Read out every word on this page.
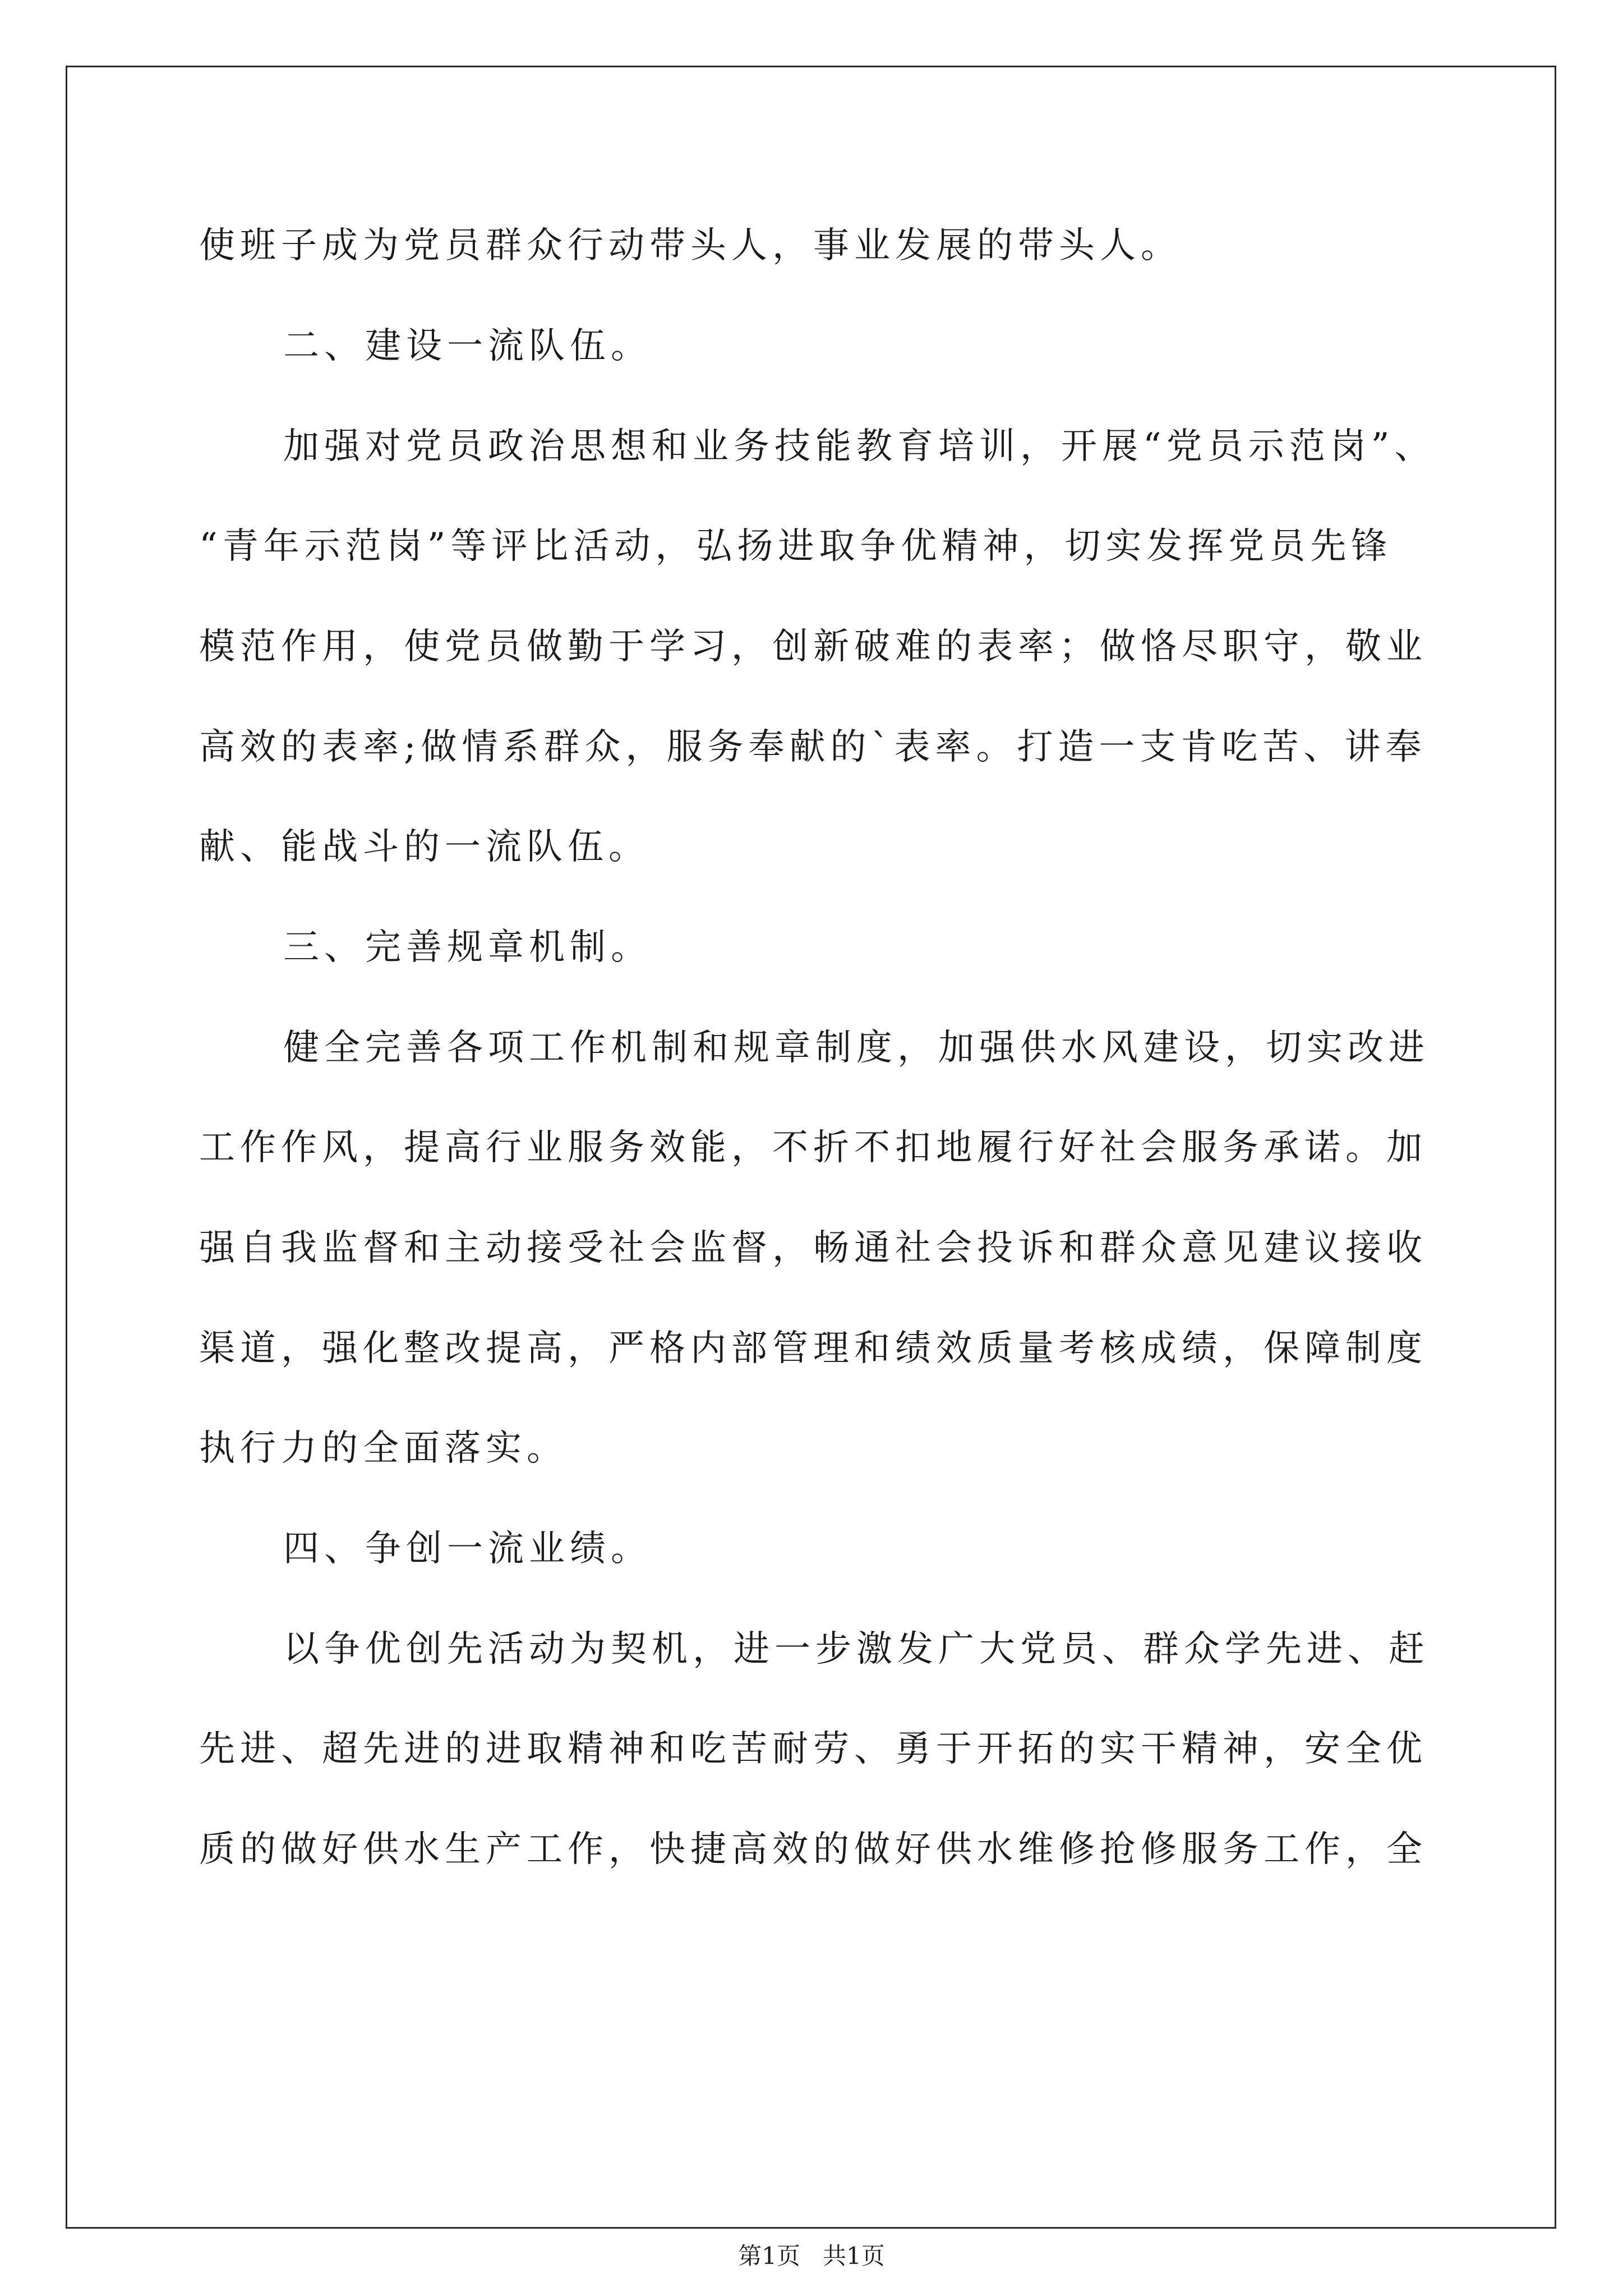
使班子成为党员群众行动带头人，事业发展的带头人。
二、建设一流队伍。
加强对党员政治思想和业务技能教育培训，开展“党员示范岗”、
“青年示范岗”等评比活动，弘扬进取争优精神，切实发挥党员先锋
模范作用，使党员做勤于学习，创新破难的表率；做恪尽职守，敬业
高效的表率;做情系群众，服务奉献的`表率。打造一支肯吃苦、讲奉
献、能战斗的一流队伍。
三、完善规章机制。
健全完善各项工作机制和规章制度，加强供水风建设，切实改进
工作作风，提高行业服务效能，不折不扣地履行好社会服务承诺。加
强自我监督和主动接受社会监督，畅通社会投诉和群众意见建议接收
渠道，强化整改提高，严格内部管理和绩效质量考核成绩，保障制度
执行力的全面落实。
四、争创一流业绩。
以争优创先活动为契机，进一步激发广大党员、群众学先进、赶
先进、超先进的进取精神和吃苦耐劳、勇于开拓的实干精神，安全优
质的做好供水生产工作，快捷高效的做好供水维修抢修服务工作，全
第1页   共1页
